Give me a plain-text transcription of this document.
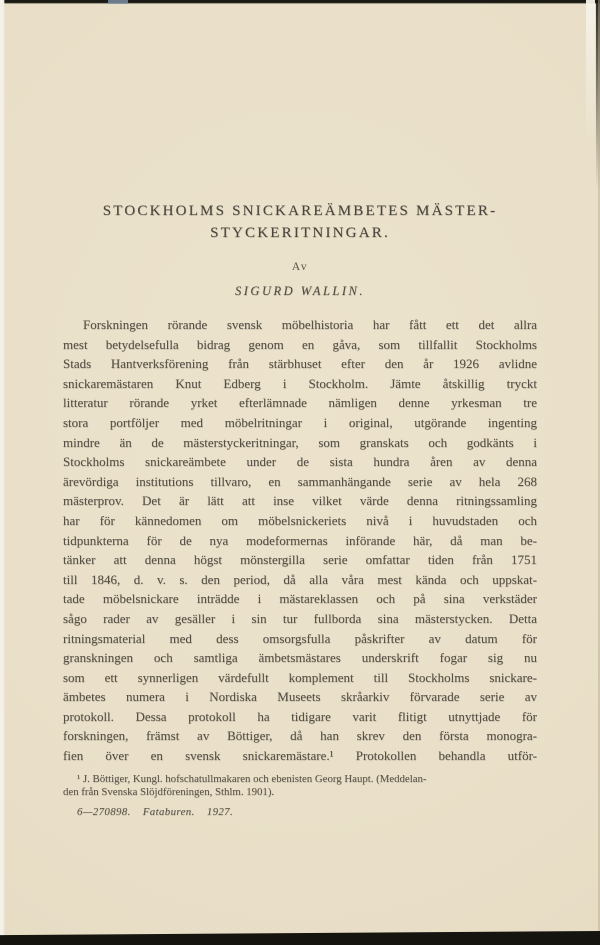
STOCKHOLMS SNICKAREÄMBETES MÄSTER-
STYCKERITNINGAR.
Av
SIGURD WALLIN.
Forskningen rörande svensk möbelhistoria har fått ett det allra
mest betydelsefulla bidrag genom en gåva, som tillfallit Stockholms
Stads Hantverksförening från stärbhuset efter den år 1926 avlidne
snickaremästaren Knut Edberg i Stockholm. Jämte åtskillig tryckt
litteratur rörande yrket efterlämnade nämligen denne yrkesman tre
stora portföljer med möbelritningar i original, utgörande ingenting
mindre än de mästerstyckeritningar, som granskats och godkänts i
Stockholms snickareämbete under de sista hundra åren av denna
ärevördiga institutions tillvaro, en sammanhängande serie av hela 268
mästerprov. Det är lätt att inse vilket värde denna ritningssamling
har för kännedomen om möbelsnickeriets nivå i huvudstaden och
tidpunkterna för de nya modeformernas införande här, då man be-
tänker att denna högst mönstergilla serie omfattar tiden från 1751
till 1846, d. v. s. den period, då alla våra mest kända och uppskat-
tade möbelsnickare inträdde i mästareklassen och på sina verkstäder
sågo rader av gesäller i sin tur fullborda sina mästerstycken. Detta
ritningsmaterial med dess omsorgsfulla påskrifter av datum för
granskningen och samtliga ämbetsmästares underskrift fogar sig nu
som ett synnerligen värdefullt komplement till Stockholms snickare-
ämbetes numera i Nordiska Museets skråarkiv förvarade serie av
protokoll. Dessa protokoll ha tidigare varit flitigt utnyttjade för
forskningen, främst av Böttiger, då han skrev den första monogra-
fien över en svensk snickaremästare.¹ Protokollen behandla utför-
¹ J. Böttiger, Kungl. hofschatullmakaren och ebenisten Georg Haupt. (Meddelan-
den från Svenska Slöjdföreningen, Sthlm. 1901).
6—270898. Fataburen. 1927.
